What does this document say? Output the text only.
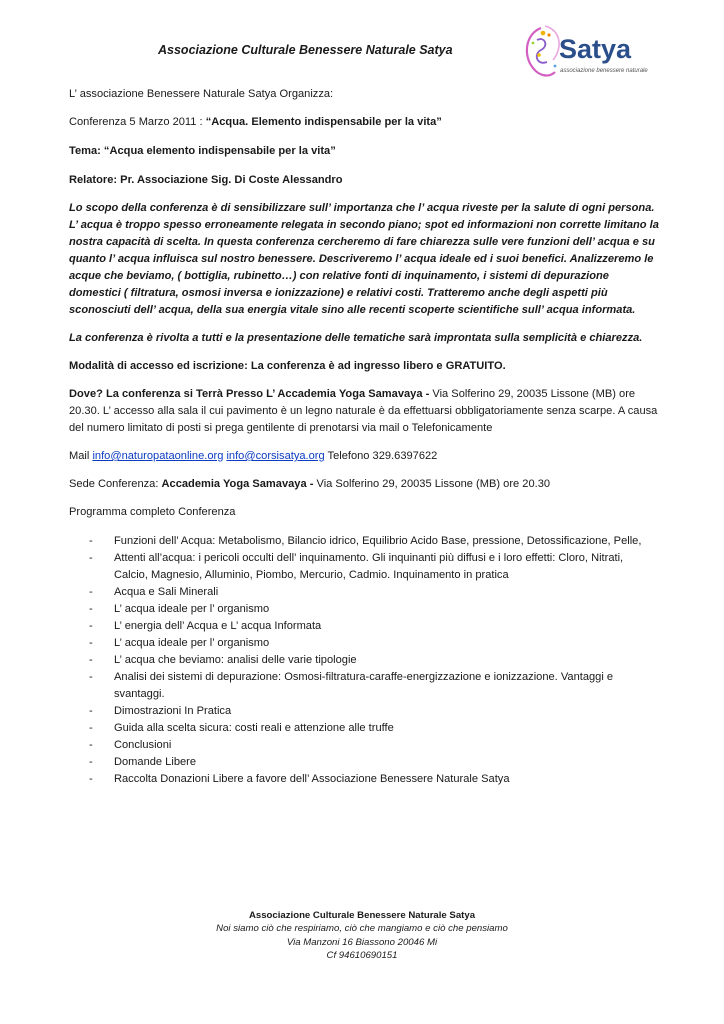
Associazione Culturale Benessere Naturale Satya	Satya
associazione benessere naturale

L’ associazione Benessere Naturale Satya Organizza:

Conferenza 5 Marzo 2011 : “Acqua. Elemento indispensabile per la vita”

Tema: “Acqua elemento indispensabile per la vita”

Relatore: Pr. Associazione Sig. Di Coste Alessandro

Lo scopo della conferenza è di sensibilizzare sull’ importanza che l’ acqua riveste per la salute di ogni persona. L’ acqua è troppo spesso erroneamente relegata in secondo piano; spot ed informazioni non corrette limitano la nostra capacità di scelta. In questa conferenza cercheremo di fare chiarezza sulle vere funzioni dell’ acqua e su quanto l’ acqua influisca sul nostro benessere. Descriveremo l’ acqua ideale ed i suoi benefici. Analizzeremo le acque che beviamo, ( bottiglia, rubinetto…) con relative fonti di inquinamento, i sistemi di depurazione domestici ( filtratura, osmosi inversa e ionizzazione) e relativi costi. Tratteremo anche degli aspetti più sconosciuti dell’ acqua, della sua energia vitale sino alle recenti scoperte scientifiche sull’ acqua informata.

La conferenza è rivolta a tutti e la presentazione delle tematiche sarà improntata sulla semplicità e chiarezza.

Modalità di accesso ed iscrizione: La conferenza è ad ingresso libero e GRATUITO.

Dove? La conferenza si Terrà Presso L’ Accademia Yoga Samavaya - Via Solferino 29, 20035 Lissone (MB) ore 20.30. L’ accesso alla sala il cui pavimento è un legno naturale è da effettuarsi obbligatoriamente senza scarpe. A causa del numero limitato di posti si prega gentilente di prenotarsi via mail o Telefonicamente

Mail info@naturopataonline.org info@corsisatya.org Telefono 329.6397622

Sede Conferenza: Accademia Yoga Samavaya - Via Solferino 29, 20035 Lissone (MB) ore 20.30

Programma completo Conferenza

- Funzioni dell’ Acqua: Metabolismo, Bilancio idrico, Equilibrio Acido Base, pressione, Detossificazione, Pelle,
- Attenti all’acqua: i pericoli occulti dell’ inquinamento. Gli inquinanti più diffusi e i loro effetti: Cloro, Nitrati, Calcio, Magnesio, Alluminio, Piombo, Mercurio, Cadmio. Inquinamento in pratica
- Acqua e Sali Minerali
- L’ acqua ideale per l’ organismo
- L’ energia dell’ Acqua e L’ acqua Informata
- L’ acqua ideale per l’ organismo
- L’ acqua che beviamo: analisi delle varie tipologie
- Analisi dei sistemi di depurazione: Osmosi-filtratura-caraffe-energizzazione e ionizzazione. Vantaggi e svantaggi.
- Dimostrazioni In Pratica
- Guida alla scelta sicura: costi reali e attenzione alle truffe
- Conclusioni
- Domande Libere
- Raccolta Donazioni Libere a favore dell’ Associazione Benessere Naturale Satya
Associazione Culturale Benessere Naturale Satya
Noi siamo ciò che respiriamo, ciò che mangiamo e ciò che pensiamo
Via Manzoni 16 Biassono 20046 Mi
Cf 94610690151
